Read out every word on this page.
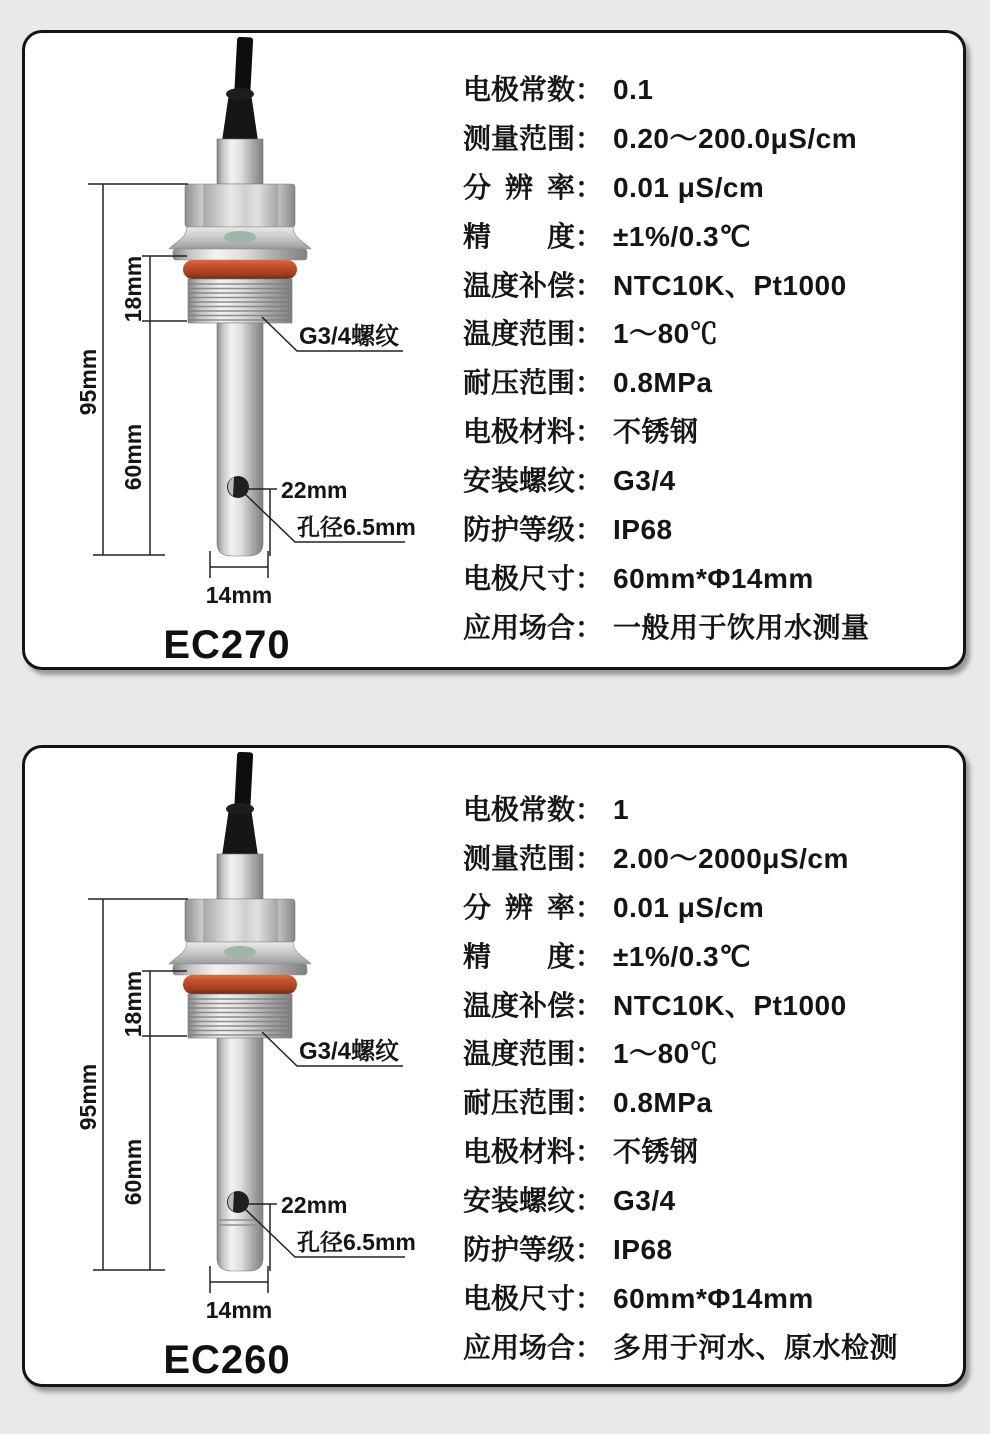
95mm
18mm
60mm	22mm
孔径6.5mm
G3/4螺纹
14mm
EC270
电极常数： 0.1
测量范围： 0.20～200.0μS/cm
分辨率： 0.01 μS/cm
精度： ±1%/0.3℃
温度补偿： NTC10K、Pt1000
温度范围： 1～80℃
耐压范围： 0.8MPa
电极材料： 不锈钢
安装螺纹： G3/4
防护等级： IP68
电极尺寸： 60mm*Φ14mm
应用场合： 一般用于饮用水测量
95mm
18mm
60mm	22mm
孔径6.5mm
G3/4螺纹
14mm
EC260
电极常数： 1
测量范围： 2.00～2000μS/cm
分辨率： 0.01 μS/cm
精度： ±1%/0.3℃
温度补偿： NTC10K、Pt1000
温度范围： 1～80℃
耐压范围： 0.8MPa
电极材料： 不锈钢
安装螺纹： G3/4
防护等级： IP68
电极尺寸： 60mm*Φ14mm
应用场合： 多用于河水、原水检测
